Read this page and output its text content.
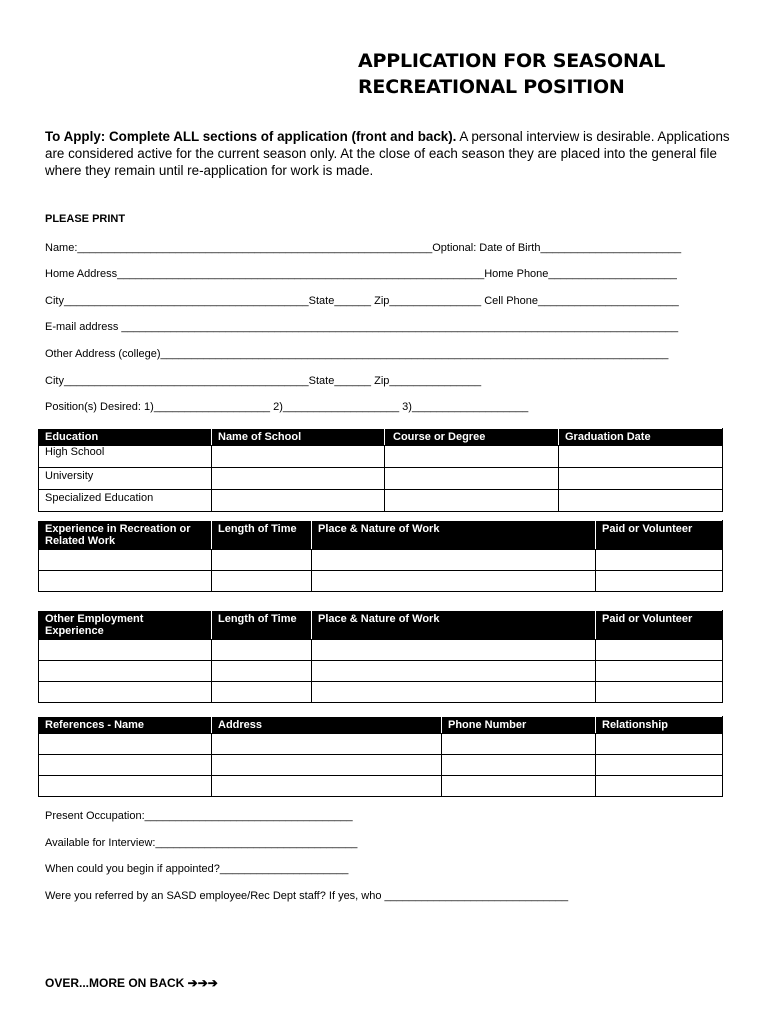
APPLICATION FOR SEASONAL
RECREATIONAL POSITION
To Apply: Complete ALL sections of application (front and back). A personal interview is desirable. Applications are considered active for the current season only. At the close of each season they are placed into the general file where they remain until re-application for work is made.
PLEASE PRINT
Name:__________________________________________________________Optional: Date of Birth_______________________
Home Address____________________________________________________________Home Phone_____________________
City________________________________________State______ Zip_______________ Cell Phone_______________________
E-mail address ___________________________________________________________________________________________
Other Address (college)___________________________________________________________________________________
City________________________________________State______ Zip_______________
Position(s) Desired: 1)___________________ 2)___________________ 3)___________________
Education	Name of School	Course or Degree	Graduation Date

High School			
University			
Specialized Education			
Experience in Recreation or Related Work	Length of Time	Place & Nature of Work	Paid or Volunteer

Other Employment Experience	Length of Time	Place & Nature of Work	Paid or Volunteer

References - Name	Address	Phone Number	Relationship

Present Occupation:__________________________________
Available for Interview:_________________________________
When could you begin if appointed?_____________________
Were you referred by an SASD employee/Rec Dept staff? If yes, who ______________________________
OVER...MORE ON BACK ➔➔➔
